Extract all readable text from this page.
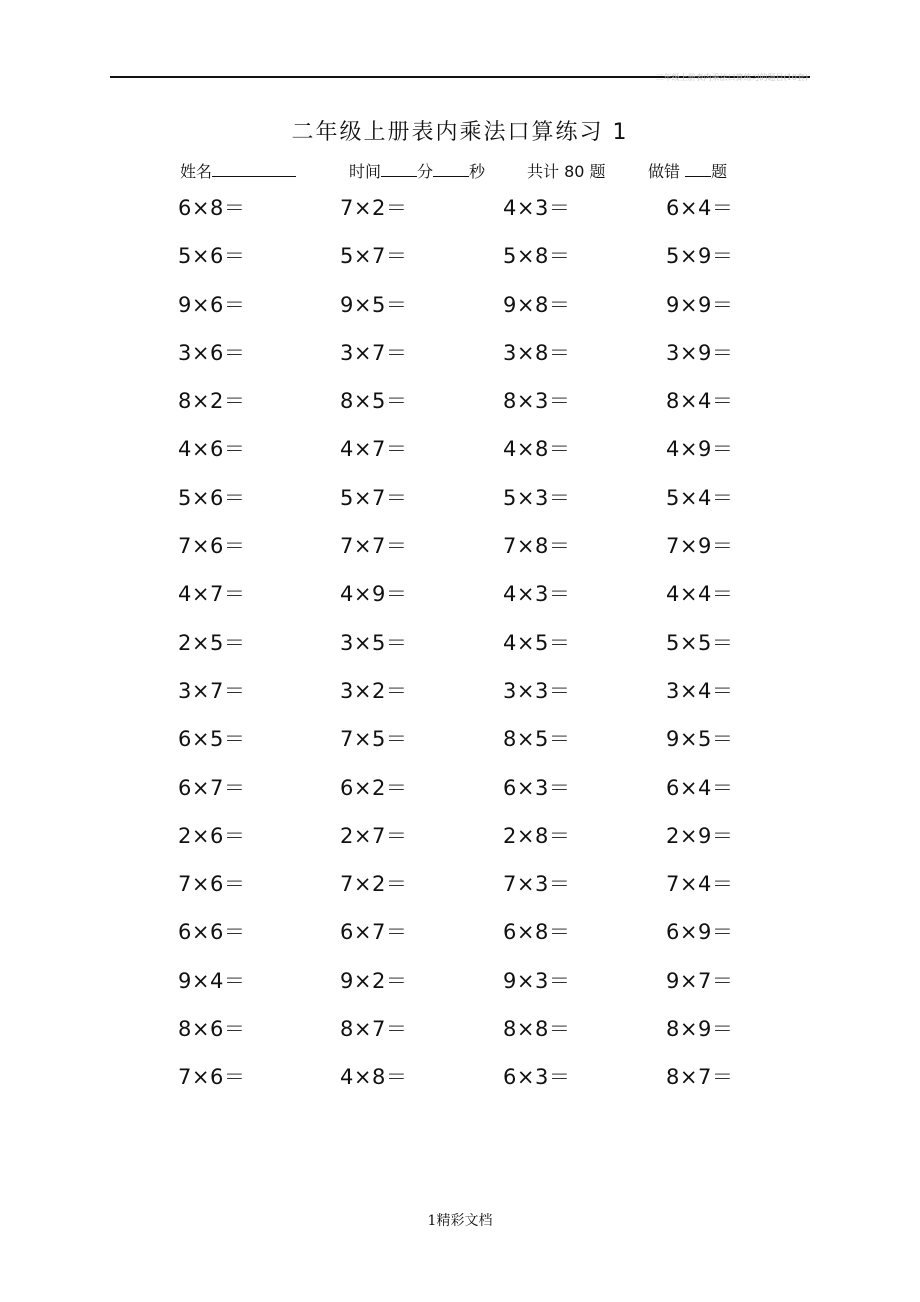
二年级上册表内乘法口算练习的题目(10套)
二年级上册表内乘法口算练习 1
姓名	时间 分 秒	共计 80 题	做错 题
6×8＝	7×2＝	4×3＝	6×4＝
5×6＝	5×7＝	5×8＝	5×9＝
9×6＝	9×5＝	9×8＝	9×9＝
3×6＝	3×7＝	3×8＝	3×9＝
8×2＝	8×5＝	8×3＝	8×4＝
4×6＝	4×7＝	4×8＝	4×9＝
5×6＝	5×7＝	5×3＝	5×4＝
7×6＝	7×7＝	7×8＝	7×9＝
4×7＝	4×9＝	4×3＝	4×4＝
2×5＝	3×5＝	4×5＝	5×5＝
3×7＝	3×2＝	3×3＝	3×4＝
6×5＝	7×5＝	8×5＝	9×5＝
6×7＝	6×2＝	6×3＝	6×4＝
2×6＝	2×7＝	2×8＝	2×9＝
7×6＝	7×2＝	7×3＝	7×4＝
6×6＝	6×7＝	6×8＝	6×9＝
9×4＝	9×2＝	9×3＝	9×7＝
8×6＝	8×7＝	8×8＝	8×9＝
7×6＝	4×8＝	6×3＝	8×7＝
1精彩文档
